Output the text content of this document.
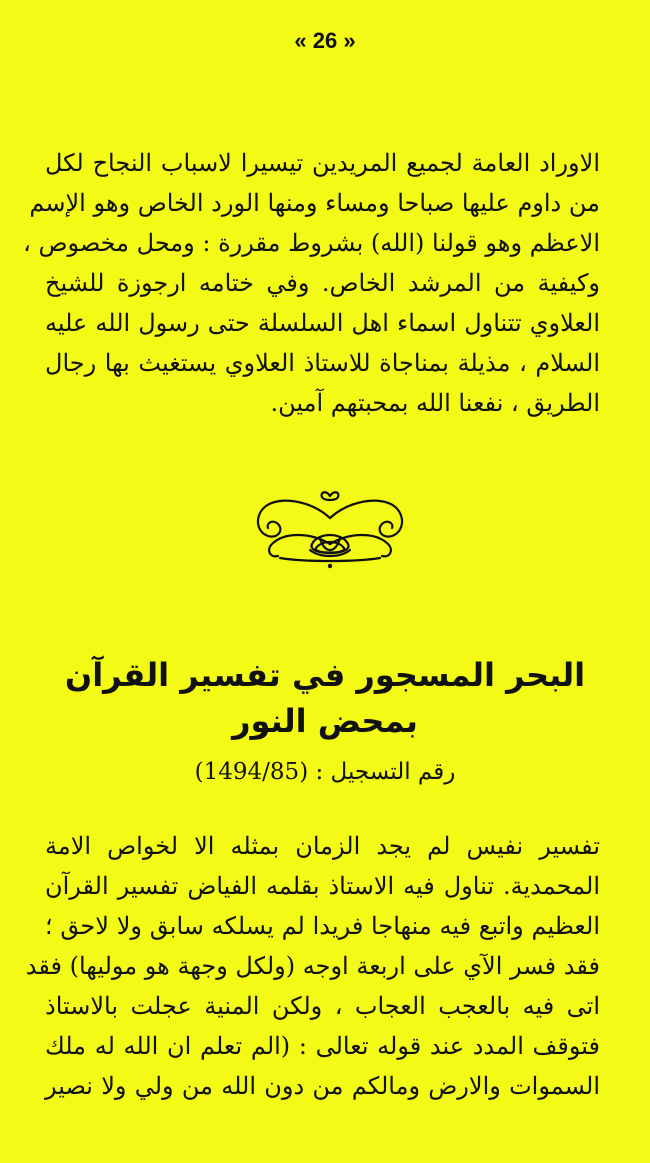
« 26 »
الاوراد العامة لجميع المريدين تيسيرا لاسباب النجاح لكل
من داوم عليها صباحا ومساء ومنها الورد الخاص وهو الإسم
الاعظم وهو قولنا (الله) بشروط مقررة : ومحل مخصوص ،
وكيفية من المرشد الخاص. وفي ختامه ارجوزة للشيخ
العلاوي تتناول اسماء اهل السلسلة حتى رسول الله عليه
السلام ، مذيلة بمناجاة للاستاذ العلاوي يستغيث بها رجال
الطريق ، نفعنا الله بمحبتهم آمين.
البحر المسجور في تفسير القرآن
بمحض النور
رقم التسجيل : (1494/85)
تفسير نفيس لم يجد الزمان بمثله الا لخواص الامة
المحمدية. تناول فيه الاستاذ بقلمه الفياض تفسير القرآن
العظيم واتبع فيه منهاجا فريدا لم يسلكه سابق ولا لاحق ؛
فقد فسر الآي على اربعة اوجه (ولكل وجهة هو موليها) فقد
اتى فيه بالعجب العجاب ، ولكن المنية عجلت بالاستاذ
فتوقف المدد عند قوله تعالى : (الم تعلم ان الله له ملك
السموات والارض ومالكم من دون الله من ولي ولا نصير
